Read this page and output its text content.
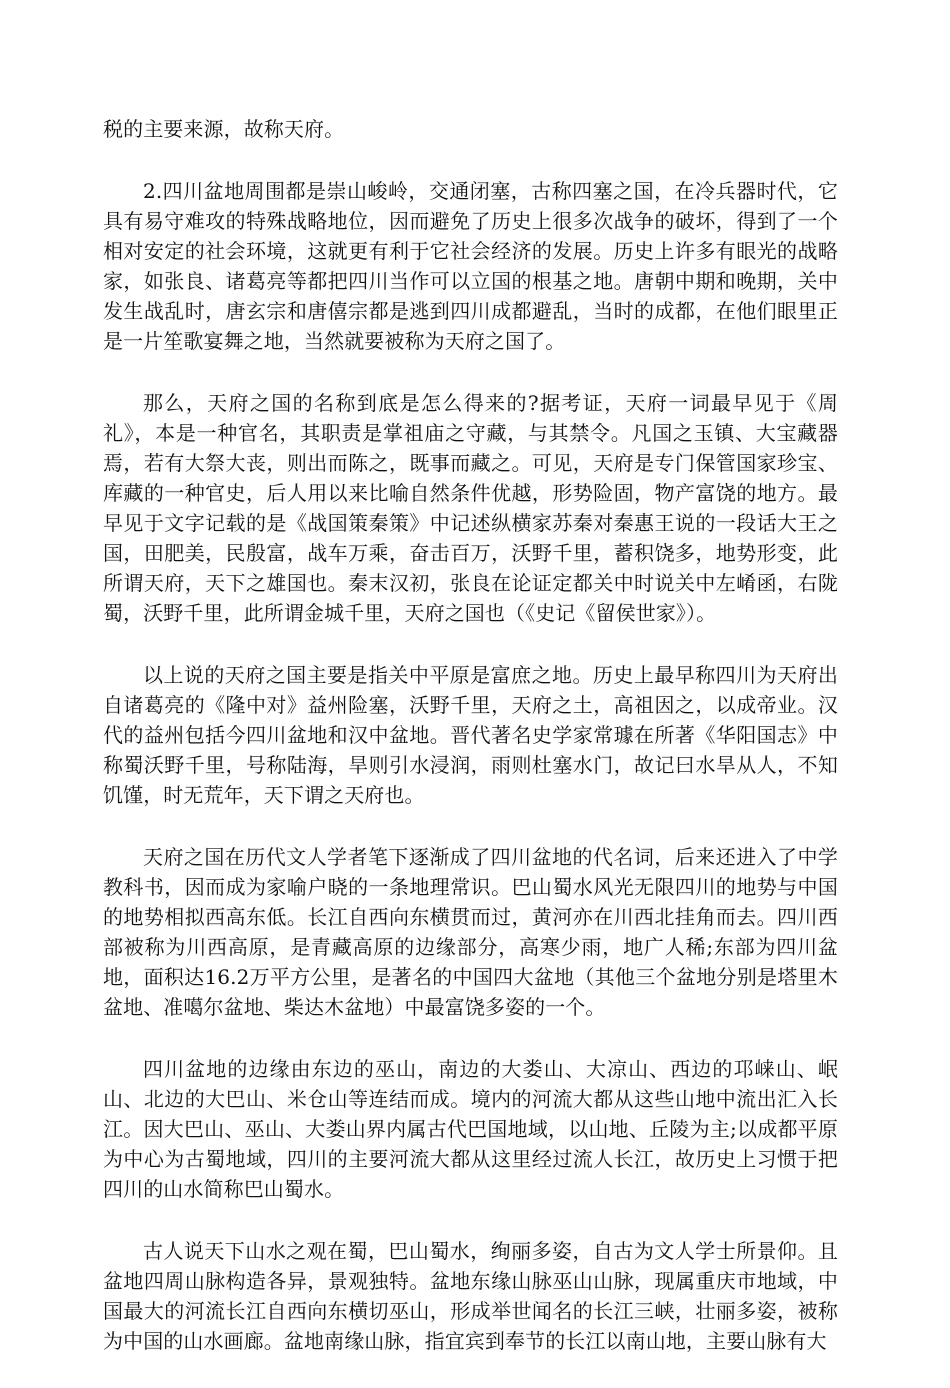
税的主要来源，故称天府。

2.四川盆地周围都是崇山峻岭，交通闭塞，古称四塞之国，在冷兵器时代，它具有易守难攻的特殊战略地位，因而避免了历史上很多次战争的破坏，得到了一个相对安定的社会环境，这就更有利于它社会经济的发展。历史上许多有眼光的战略家，如张良、诸葛亮等都把四川当作可以立国的根基之地。唐朝中期和晚期，关中发生战乱时，唐玄宗和唐僖宗都是逃到四川成都避乱，当时的成都，在他们眼里正是一片笙歌宴舞之地，当然就要被称为天府之国了。

那么，天府之国的名称到底是怎么得来的?据考证，天府一词最早见于《周礼》，本是一种官名，其职责是掌祖庙之守藏，与其禁令。凡国之玉镇、大宝藏器焉，若有大祭大丧，则出而陈之，既事而藏之。可见，天府是专门保管国家珍宝、库藏的一种官史，后人用以来比喻自然条件优越，形势险固，物产富饶的地方。最早见于文字记载的是《战国策秦策》中记述纵横家苏秦对秦惠王说的一段话大王之国，田肥美，民殷富，战车万乘，奋击百万，沃野千里，蓄积饶多，地势形变，此所谓天府，天下之雄国也。秦末汉初，张良在论证定都关中时说关中左崤函，右陇蜀，沃野千里，此所谓金城千里，天府之国也（《史记《留侯世家》）。

以上说的天府之国主要是指关中平原是富庶之地。历史上最早称四川为天府出自诸葛亮的《隆中对》益州险塞，沃野千里，天府之土，高祖因之，以成帝业。汉代的益州包括今四川盆地和汉中盆地。晋代著名史学家常璩在所著《华阳国志》中称蜀沃野千里，号称陆海，旱则引水浸润，雨则杜塞水门，故记曰水旱从人，不知饥馑，时无荒年，天下谓之天府也。

天府之国在历代文人学者笔下逐渐成了四川盆地的代名词，后来还进入了中学教科书，因而成为家喻户晓的一条地理常识。巴山蜀水风光无限四川的地势与中国的地势相拟西高东低。长江自西向东横贯而过，黄河亦在川西北挂角而去。四川西部被称为川西高原，是青藏高原的边缘部分，高寒少雨，地广人稀;东部为四川盆地，面积达16.2万平方公里，是著名的中国四大盆地（其他三个盆地分别是塔里木盆地、准噶尔盆地、柴达木盆地）中最富饶多姿的一个。

四川盆地的边缘由东边的巫山，南边的大娄山、大凉山、西边的邛崃山、岷山、北边的大巴山、米仓山等连结而成。境内的河流大都从这些山地中流出汇入长江。因大巴山、巫山、大娄山界内属古代巴国地域，以山地、丘陵为主;以成都平原为中心为古蜀地域，四川的主要河流大都从这里经过流人长江，故历史上习惯于把四川的山水简称巴山蜀水。

古人说天下山水之观在蜀，巴山蜀水，绚丽多姿，自古为文人学士所景仰。且盆地四周山脉构造各异，景观独特。盆地东缘山脉巫山山脉，现属重庆市地域，中国最大的河流长江自西向东横切巫山，形成举世闻名的长江三峡，壮丽多姿，被称为中国的山水画廊。盆地南缘山脉，指宜宾到奉节的长江以南山地，主要山脉有大
